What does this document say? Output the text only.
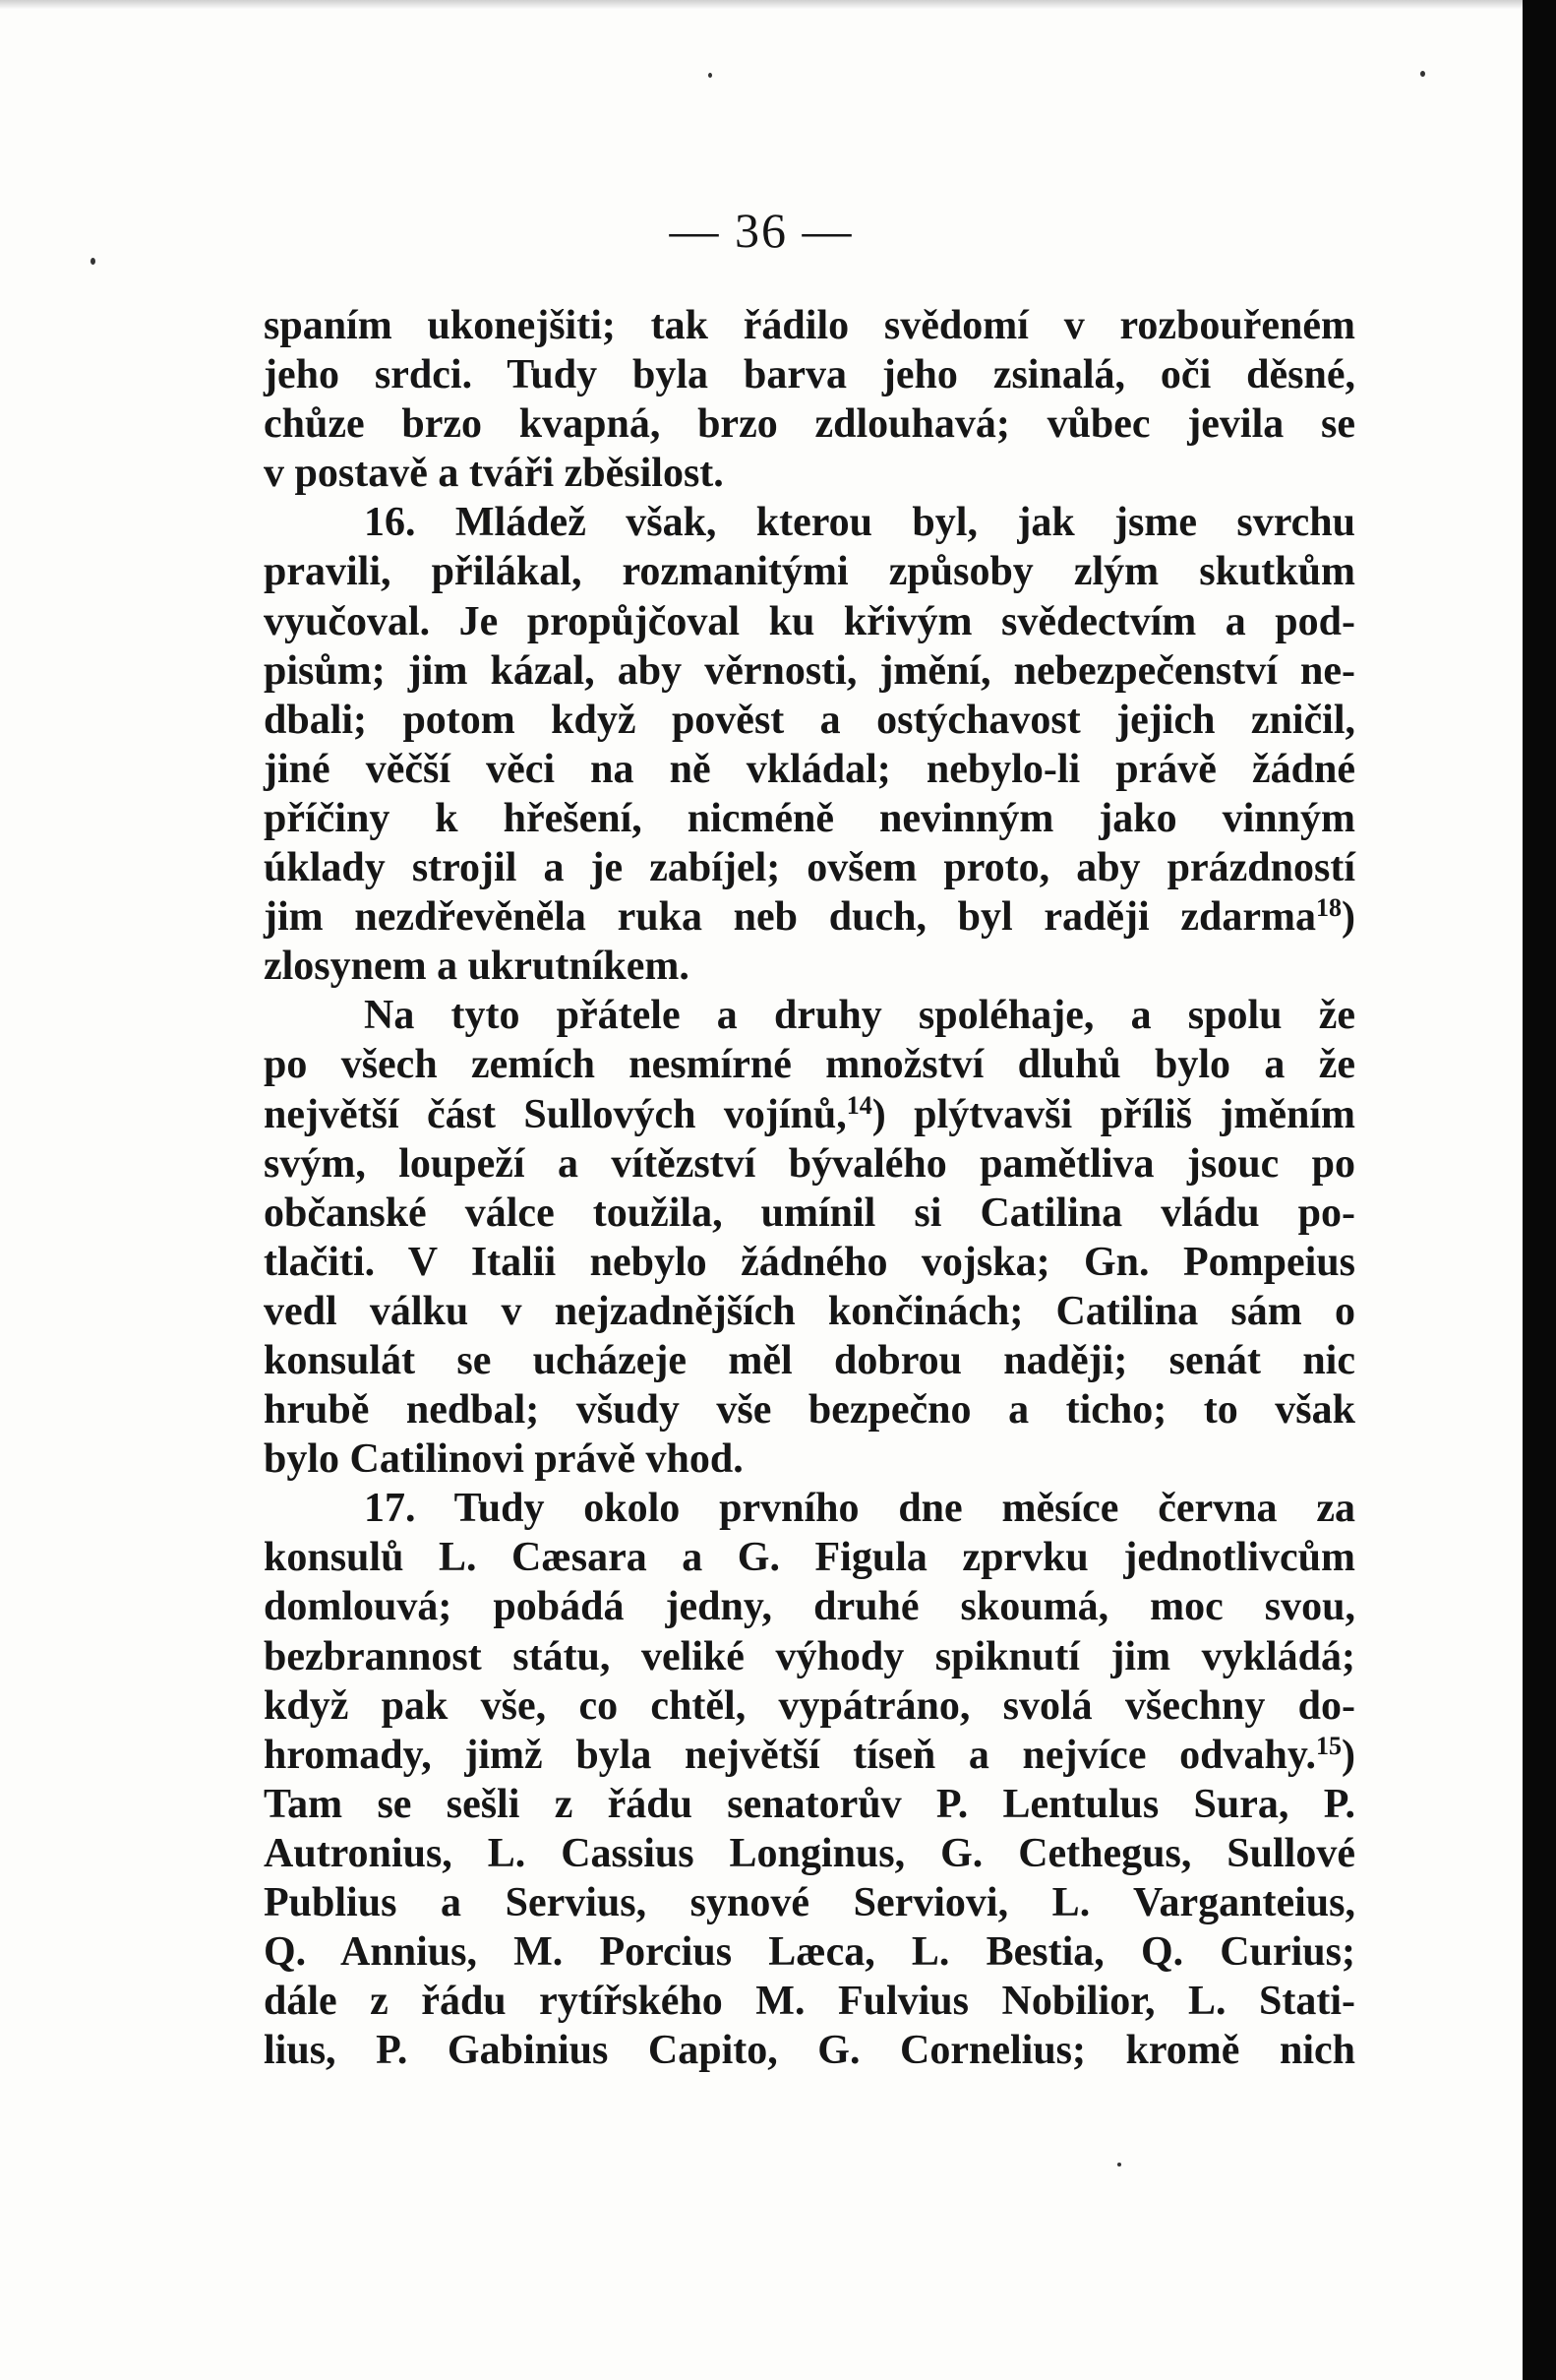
— 36 —
spaním ukonejšiti; tak řádilo svědomí v rozbouřeném
jeho srdci. Tudy byla barva jeho zsinalá, oči děsné,
chůze brzo kvapná, brzo zdlouhavá; vůbec jevila se
v postavě a tváři zběsilost.
16. Mládež však, kterou byl, jak jsme svrchu
pravili, přilákal, rozmanitými způsoby zlým skutkům
vyučoval. Je propůjčoval ku křivým svědectvím a pod-
pisům; jim kázal, aby věrnosti, jmění, nebezpečenství ne-
dbali; potom když pověst a ostýchavost jejich zničil,
jiné věčší věci na ně vkládal; nebylo-li právě žádné
příčiny k hřešení, nicméně nevinným jako vinným
úklady strojil a je zabíjel; ovšem proto, aby prázdností
jim nezdřevěněla ruka neb duch, byl raději zdarma$^{18}$)
zlosynem a ukrutníkem.
Na tyto přátele a druhy spoléhaje, a spolu že
po všech zemích nesmírné množství dluhů bylo a že
největší část Sullových vojínů,$^{14}$) plýtvavši příliš jměním
svým, loupeží a vítězství bývalého pamětliva jsouc po
občanské válce toužila, umínil si Catilina vládu po-
tlačiti. V Italii nebylo žádného vojska; Gn. Pompeius
vedl válku v nejzadnějších končinách; Catilina sám o
konsulát se ucházeje měl dobrou naději; senát nic
hrubě nedbal; všudy vše bezpečno a ticho; to však
bylo Catilinovi právě vhod.
17. Tudy okolo prvního dne měsíce června za
konsulů L. Cæsara a G. Figula zprvku jednotlivcům
domlouvá; pobádá jedny, druhé skoumá, moc svou,
bezbrannost státu, veliké výhody spiknutí jim vykládá;
když pak vše, co chtěl, vypátráno, svolá všechny do-
hromady, jimž byla největší tíseň a nejvíce odvahy.$^{15}$)
Tam se sešli z řádu senatorův P. Lentulus Sura, P.
Autronius, L. Cassius Longinus, G. Cethegus, Sullové
Publius a Servius, synové Serviovi, L. Varganteius,
Q. Annius, M. Porcius Læca, L. Bestia, Q. Curius;
dále z řádu rytířského M. Fulvius Nobilior, L. Stati-
lius, P. Gabinius Capito, G. Cornelius; kromě nich
